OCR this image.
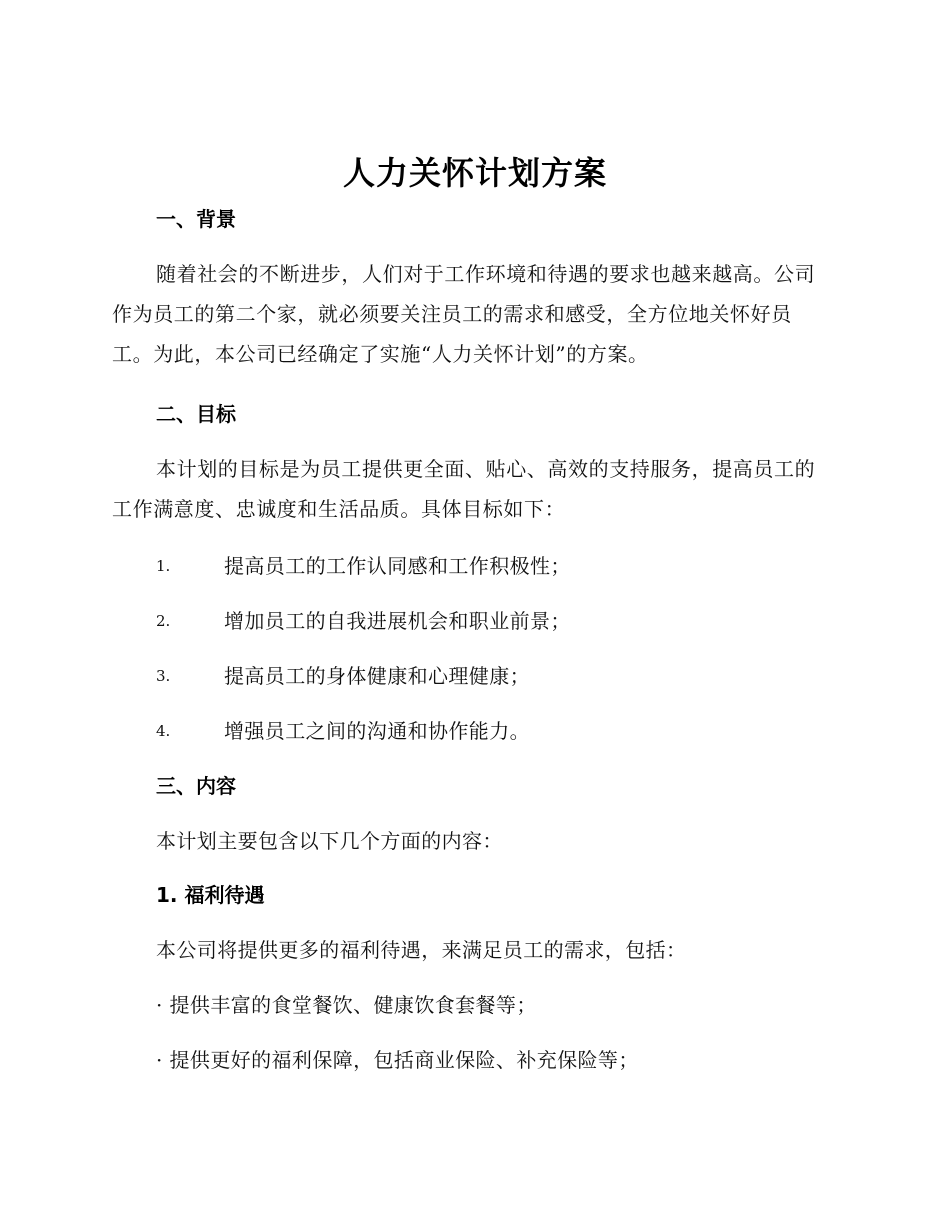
人力关怀计划方案
一、背景
随着社会的不断进步，人们对于工作环境和待遇的要求也越来越高。公司作为员工的第二个家，就必须要关注员工的需求和感受，全方位地关怀好员工。为此，本公司已经确定了实施“人力关怀计划”的方案。
二、目标
本计划的目标是为员工提供更全面、贴心、高效的支持服务，提高员工的工作满意度、忠诚度和生活品质。具体目标如下：
1.	提高员工的工作认同感和工作积极性；
2.	增加员工的自我进展机会和职业前景；
3.	提高员工的身体健康和心理健康；
4.	增强员工之间的沟通和协作能力。
三、内容
本计划主要包含以下几个方面的内容：
1. 福利待遇
本公司将提供更多的福利待遇，来满足员工的需求，包括：
· 提供丰富的食堂餐饮、健康饮食套餐等；
· 提供更好的福利保障，包括商业保险、补充保险等；
